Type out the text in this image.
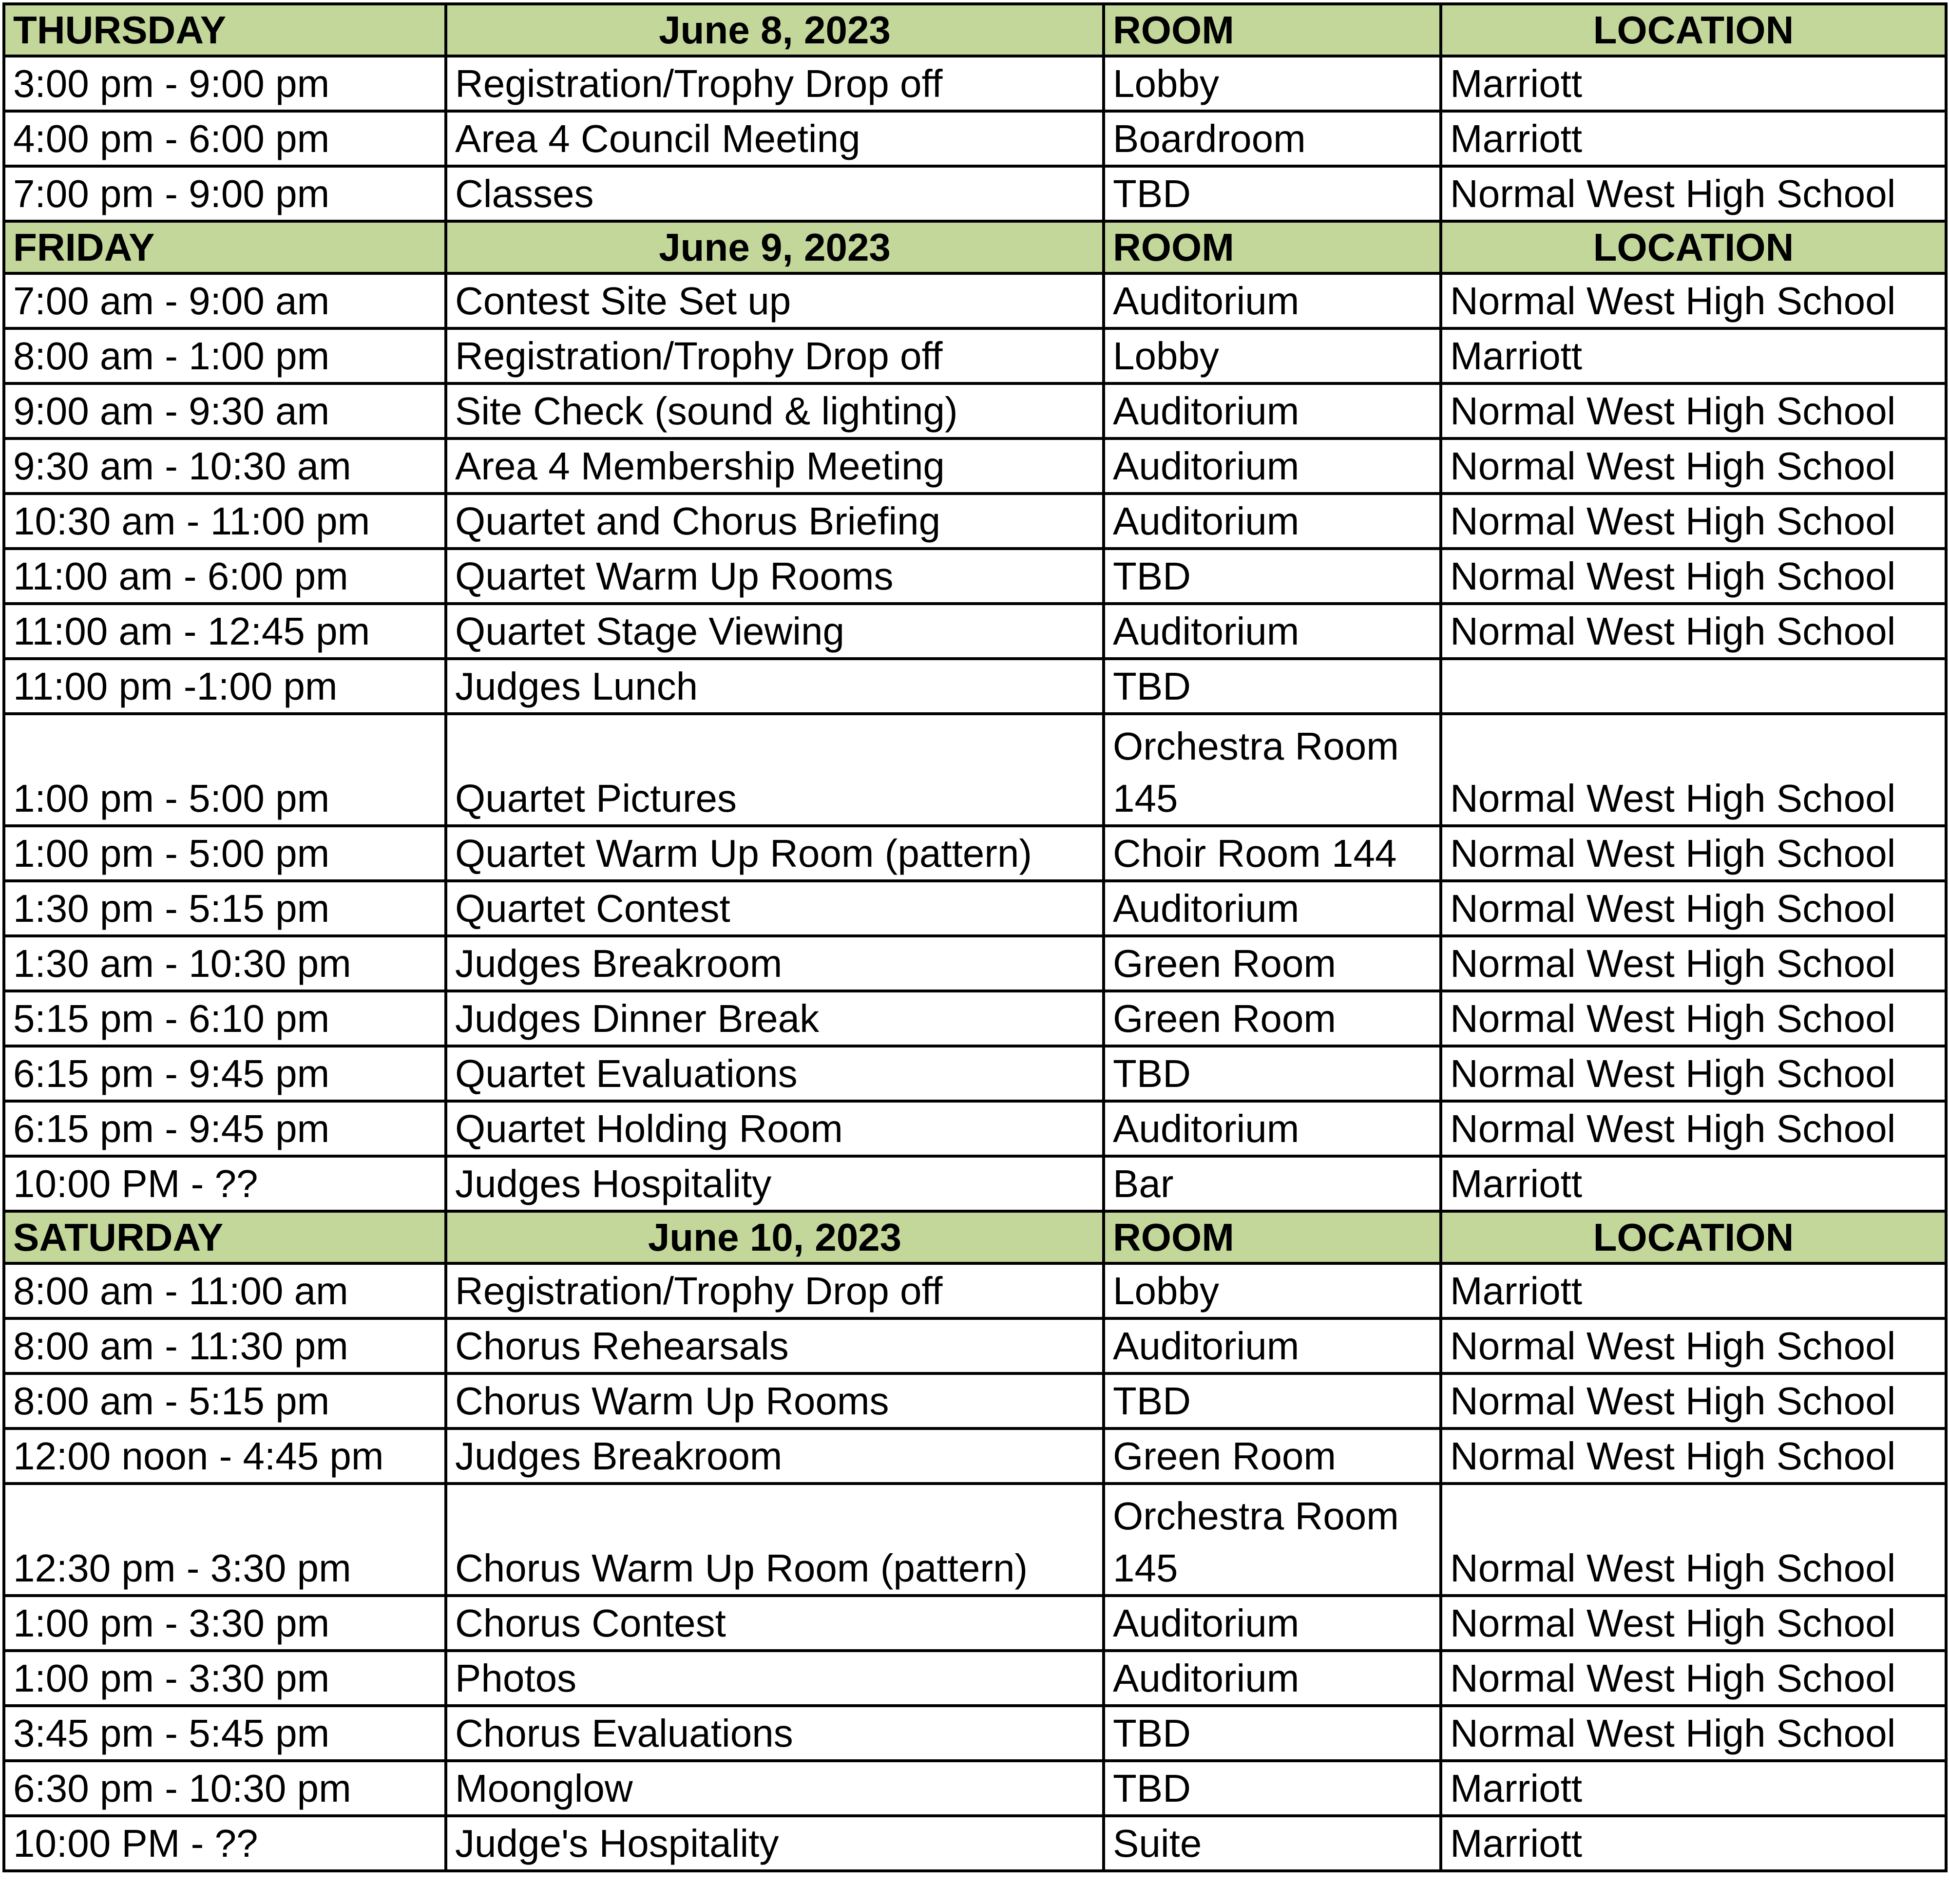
THURSDAY	June 8, 2023	ROOM	LOCATION
3:00 pm - 9:00 pm	Registration/Trophy Drop off	Lobby	Marriott
4:00 pm - 6:00 pm	Area 4 Council Meeting	Boardroom	Marriott
7:00 pm - 9:00 pm	Classes	TBD	Normal West High School
FRIDAY	June 9, 2023	ROOM	LOCATION
7:00 am - 9:00 am	Contest Site Set up	Auditorium	Normal West High School
8:00 am - 1:00 pm	Registration/Trophy Drop off	Lobby	Marriott
9:00 am - 9:30 am	Site Check (sound & lighting)	Auditorium	Normal West High School
9:30 am - 10:30 am	Area 4 Membership Meeting	Auditorium	Normal West High School
10:30 am - 11:00 pm	Quartet and Chorus Briefing	Auditorium	Normal West High School
11:00 am - 6:00 pm	Quartet Warm Up Rooms	TBD	Normal West High School
11:00 am - 12:45 pm	Quartet Stage Viewing	Auditorium	Normal West High School
11:00 pm -1:00 pm	Judges Lunch	TBD	
1:00 pm - 5:00 pm	Quartet Pictures	Orchestra Room 145	Normal West High School
1:00 pm - 5:00 pm	Quartet Warm Up Room (pattern)	Choir Room 144	Normal West High School
1:30 pm - 5:15 pm	Quartet Contest	Auditorium	Normal West High School
1:30 am - 10:30 pm	Judges Breakroom	Green Room	Normal West High School
5:15 pm - 6:10 pm	Judges Dinner Break	Green Room	Normal West High School
6:15 pm - 9:45 pm	Quartet Evaluations	TBD	Normal West High School
6:15 pm - 9:45 pm	Quartet Holding Room	Auditorium	Normal West High School
10:00 PM - ??	Judges Hospitality	Bar	Marriott
SATURDAY	June 10, 2023	ROOM	LOCATION
8:00 am - 11:00 am	Registration/Trophy Drop off	Lobby	Marriott
8:00 am - 11:30 pm	Chorus Rehearsals	Auditorium	Normal West High School
8:00 am - 5:15 pm	Chorus Warm Up Rooms	TBD	Normal West High School
12:00 noon - 4:45 pm	Judges Breakroom	Green Room	Normal West High School
12:30 pm - 3:30 pm	Chorus Warm Up Room (pattern)	Orchestra Room 145	Normal West High School
1:00 pm - 3:30 pm	Chorus Contest	Auditorium	Normal West High School
1:00 pm - 3:30 pm	Photos	Auditorium	Normal West High School
3:45 pm - 5:45 pm	Chorus Evaluations	TBD	Normal West High School
6:30 pm - 10:30 pm	Moonglow	TBD	Marriott
10:00 PM - ??	Judge's Hospitality	Suite	Marriott
